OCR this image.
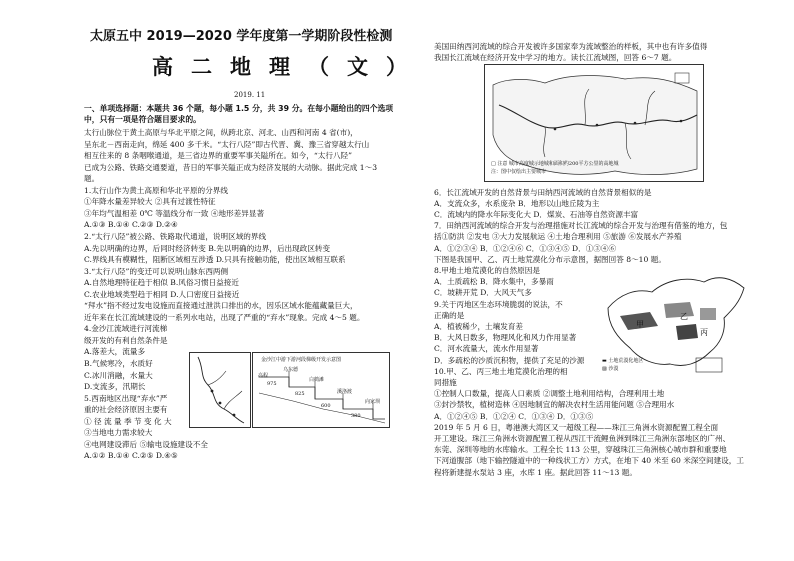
太原五中 2019—2020 学年度第一学期阶段性检测
高二地理（文）
2019. 11
一、单项选择题：本题共 36 个题，每小题 1.5 分，共 39 分。在每小题给出的四个选项
中，只有一项是符合题目要求的。
太行山脉位于黄土高原与华北平原之间，纵跨北京、河北、山西和河南 4 省(市)，
呈东北－西南走向，绵延 400 多千米。“太行八陉”即古代晋、冀、豫三省穿越太行山
相互往来的 8 条咽喉通道，是三省边界的重要军事关隘所在。如今，“太行八陉”
已成为公路、铁路交通要道，昔日的军事关隘正成为经济发展的大动脉。据此完成 1～3
题。
1.太行山作为黄土高原和华北平原的分界线
①年降水量差异较大 ②具有过渡性特征
③年均气温相差 0℃ 等温线分布一致 ④地形差异显著
A.①③ B.①④ C.②③ D.②④
2.“太行八陉”被公路、铁路取代通道，说明区域的界线
A.先以明确的边界，后同时经济转变 B.先以明确的边界，后出现政区转变
C.界线具有模糊性，阻断区域相互涉透 D.只具有接触功能，使出区域相互联系
3.“太行八陉”的变迁可以说明山脉东西两侧
A.自然地理特征趋于相似 B.风俗习惯日益接近
C.农业地域类型趋于相同 D.人口密度日益接近
“拜水”指不经过发电设施而直接通过泄洪口排出的水，因乐区域水能蕴藏量巨大，
近年来在长江流域建设的一系列水电站，出现了严重的“弃水”现象。完成 4～5 题。
4.金沙江流域进行河流梯
级开发的有利自然条件是
A.落差大，流量多
B.气候寒冷，水质好
C.冰川消融，水量大
D.支流多，汛期长
5.西南地区出现“弃水”严
重的社会经济原因主要有
① 径 流 量 季 节 变 化 大
③当地电力需求较大
④电网建设滞后 ⑤输电设施建设不全
A.①② B.①④ C.②⑤ D.④⑤
金沙江中游下游河段梯级开发示意图
高程
乌东德
白鹤滩
溪洛渡
向家坝
975
825
600
380
美国田纳西河流域的综合开发被许多国家奉为流域整治的样板，其中也有许多值得
我国长江流域在经济开发中学习的地方。读长江流域图，回答 6～7 题。
6．长江流域开发的自然背景与田纳西河流域的自然背景相似的是
A．支流众多，水系庞杂 B．地形以山地丘陵为主
C．流域内的降水年际变化大 D．煤炭、石油等自然资源丰富
7．田纳西河流域的综合开发与治理措施对长江流域的综合开发与治理有借鉴的地方，包
括①防洪 ②发电 ③大力发展航运 ④土地合理利用 ⑤旅游 ⑥发展水产养殖
A．①②③④ B．①②④⑥ C．①③④⑤ D．①③④⑥
下图是我国甲、乙、丙土地荒漠化分布示意图，据图回答 8～10 题。
8.甲地土地荒漠化的自然原因是
A．土质疏松 B．降水集中，多暴雨
C．坡耕开荒 D．大风天气多
9.关于丙地区生态环境脆弱的说法，不
正确的是
A．植被稀少，土壤发育差
B．大风日数多，物理风化和风力作用显著
C．河水流量大，流水作用显著
D．多疏松的沙质沉积物，提供了充足的沙源
10.甲、乙、丙三地土地荒漠化治理的相
同措施
①控制人口数量，提高人口素质 ②调整土地利用结构，合理利用土地
③封沙禁牧，植树造林 ④因地制宜的解决农村生活用能问题 ⑤合理用水
A．①②④⑤ B．①②④ C．①③④ D．①③⑤
2019 年 5 月 6 日，粤港澳大湾区又一超级工程——珠江三角洲水资源配置工程全面
开工建设。珠江三角洲水资源配置工程从西江干流鲤鱼洲到珠江三角洲东部地区的广州、
东莞、深圳等地的水库输水。工程全长 113 公里，穿越珠江三角洲核心城市群和重要地
下河道腹部（地下输控隧道中的一种线状工方）方式，在地下 40 米至 60 米深空间建设，工
程将新建提水泵站 3 座，水库 1 座。据此回答 11～13 题。
□ 注意 城市高度城示地城和面积约200平方公里的高地城
注：图中仅绘出主要城市
甲
乙
丙
▬ 土地荒漠化地区
▨ 沙漠
